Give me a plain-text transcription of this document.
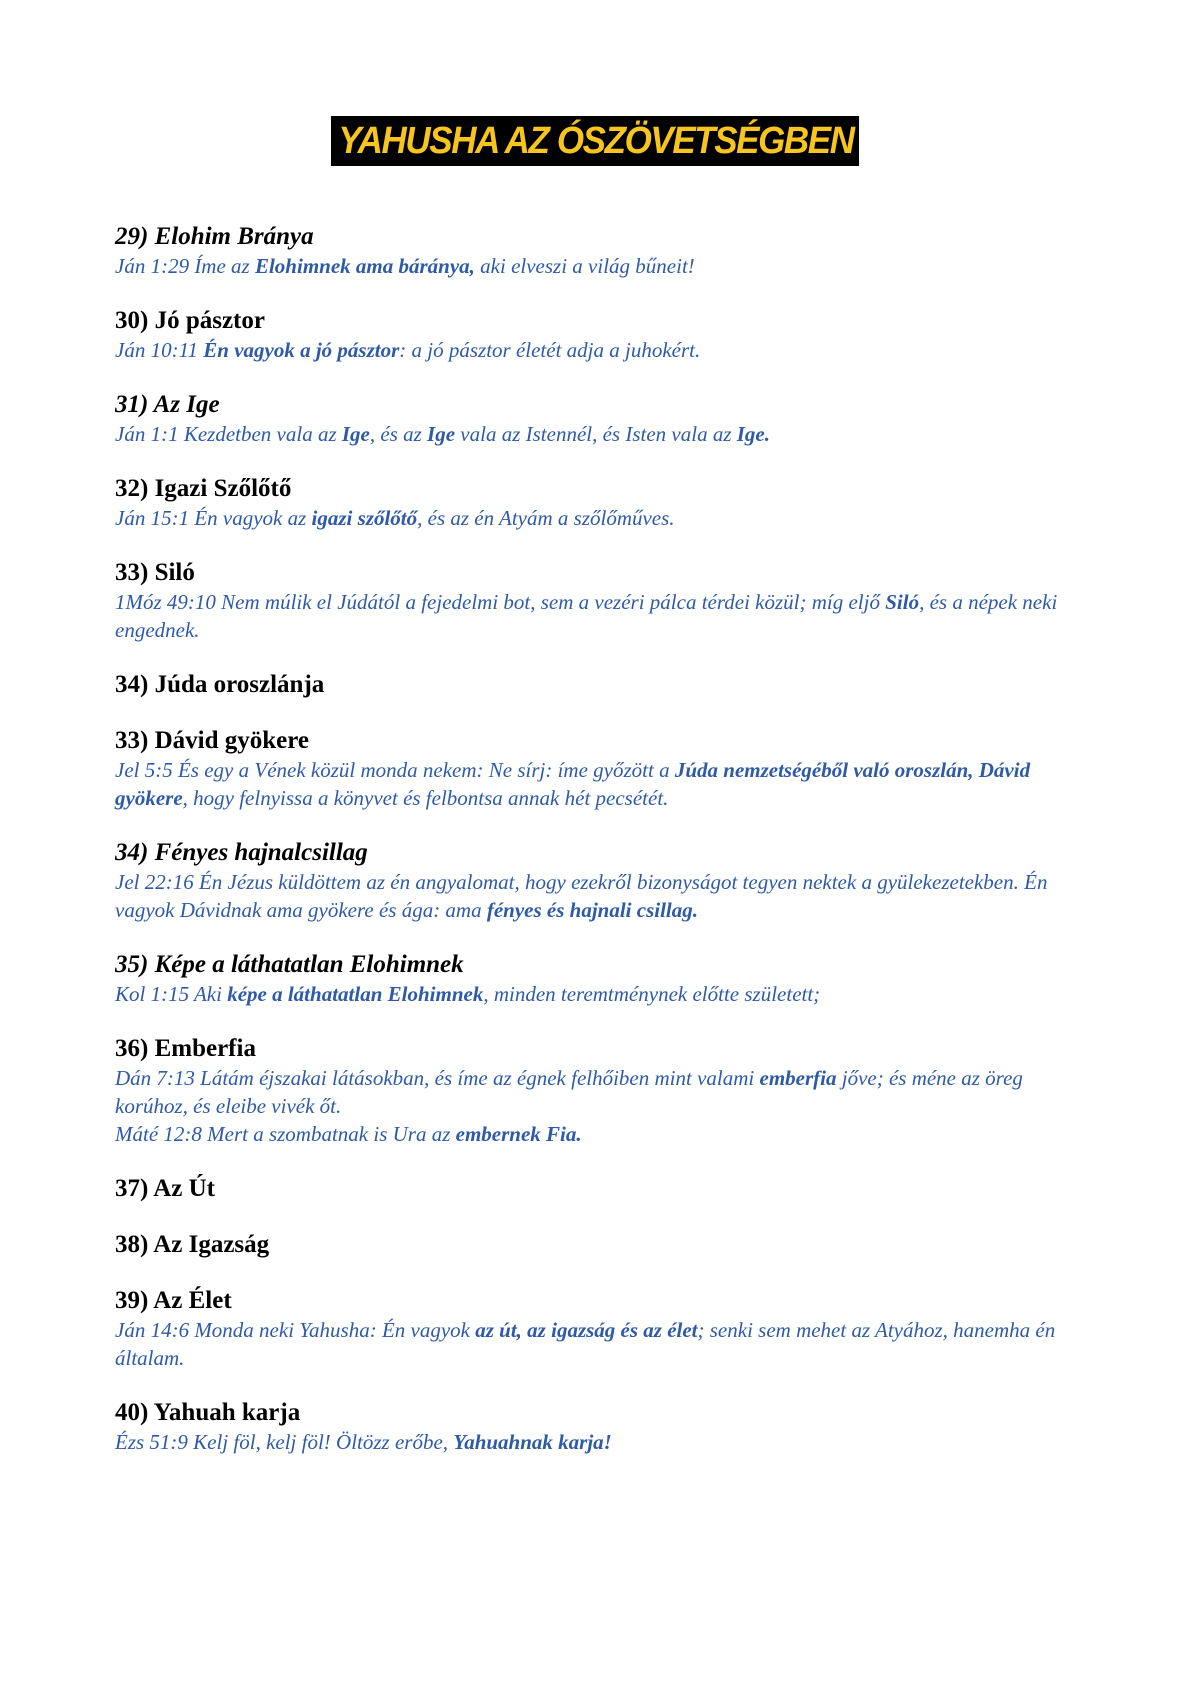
YAHUSHA AZ ÓSZÖVETSÉGBEN

29) Elohim Bránya

Ján 1:29 Íme az Elohimnek ama báránya, aki elveszi a világ bűneit!

30) Jó pásztor

Ján 10:11 Én vagyok a jó pásztor: a jó pásztor életét adja a juhokért.

31) Az Ige

Ján 1:1 Kezdetben vala az Ige, és az Ige vala az Istennél, és Isten vala az Ige.

32) Igazi Szőlőtő

Ján 15:1 Én vagyok az igazi szőlőtő, és az én Atyám a szőlőműves.

33) Siló

1Móz 49:10 Nem múlik el Júdától a fejedelmi bot, sem a vezéri pálca térdei közül; míg eljő Siló, és a népek neki engednek.

34) Júda oroszlánja

33) Dávid gyökere

Jel 5:5 És egy a Vének közül monda nekem: Ne sírj: íme győzött a Júda nemzetségéből való oroszlán, Dávid gyökere, hogy felnyissa a könyvet és felbontsa annak hét pecsétét.

34) Fényes hajnalcsillag

Jel 22:16 Én Jézus küldöttem az én angyalomat, hogy ezekről bizonyságot tegyen nektek a gyülekezetekben. Én vagyok Dávidnak ama gyökere és ága: ama fényes és hajnali csillag.

35) Képe a láthatatlan Elohimnek

Kol 1:15 Aki képe a láthatatlan Elohimnek, minden teremtménynek előtte született;

36) Emberfia

Dán 7:13 Látám éjszakai látásokban, és íme az égnek felhőiben mint valami emberfia jőve; és méne az öreg korúhoz, és eleibe vivék őt.

Máté 12:8 Mert a szombatnak is Ura az embernek Fia.

37) Az Út

38) Az Igazság

39) Az Élet

Ján 14:6 Monda neki Yahusha: Én vagyok az út, az igazság és az élet; senki sem mehet az Atyához, hanemha én általam.

40) Yahuah karja

Ézs 51:9 Kelj föl, kelj föl! Öltözz erőbe, Yahuahnak karja!
